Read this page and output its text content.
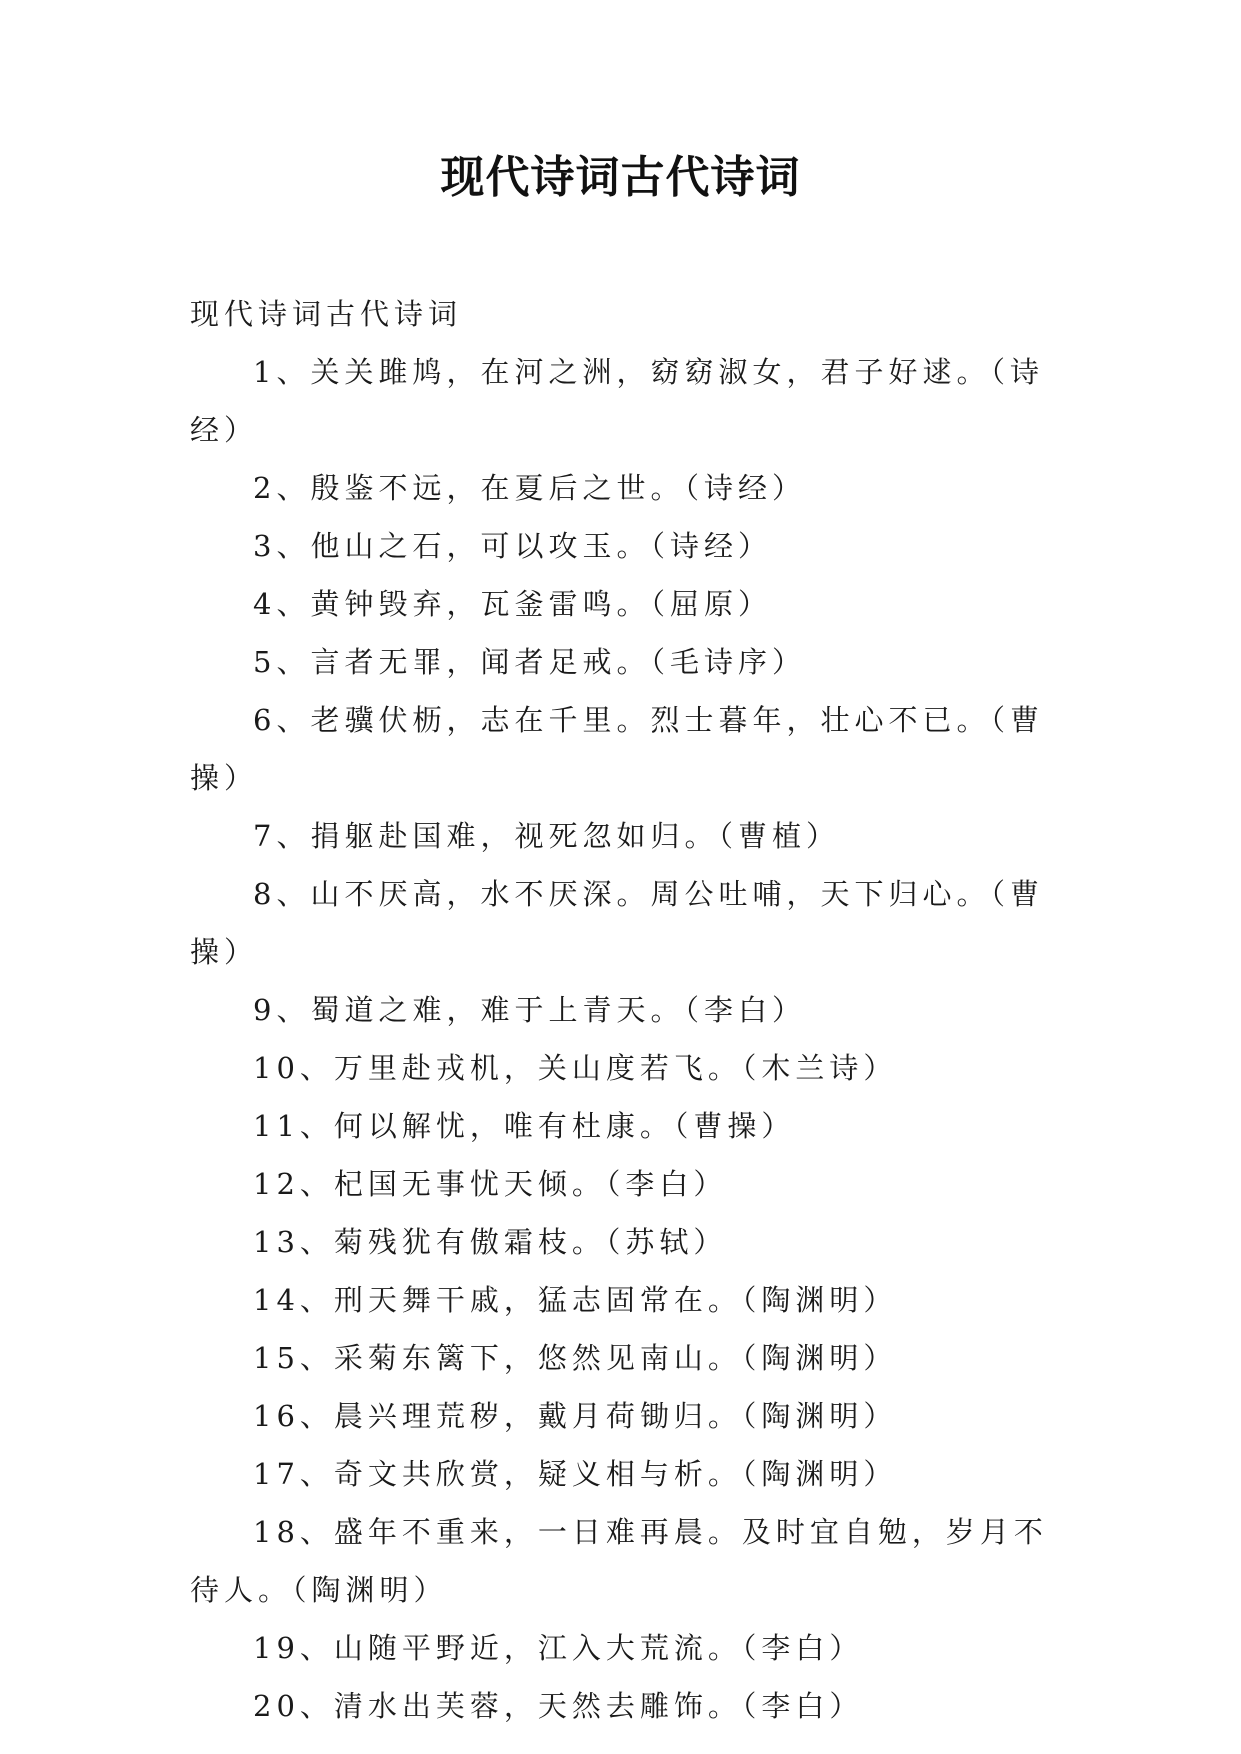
现代诗词古代诗词
现代诗词古代诗词
1、关关雎鸠，在河之洲，窈窈淑女，君子好逑。（诗经）
2、殷鉴不远，在夏后之世。（诗经）
3、他山之石，可以攻玉。（诗经）
4、黄钟毁弃，瓦釜雷鸣。（屈原）
5、言者无罪，闻者足戒。（毛诗序）
6、老骥伏枥，志在千里。烈士暮年，壮心不已。（曹操）
7、捐躯赴国难，视死忽如归。（曹植）
8、山不厌高，水不厌深。周公吐哺，天下归心。（曹操）
9、蜀道之难，难于上青天。（李白）
10、万里赴戎机，关山度若飞。（木兰诗）
11、何以解忧，唯有杜康。（曹操）
12、杞国无事忧天倾。（李白）
13、菊残犹有傲霜枝。（苏轼）
14、刑天舞干戚，猛志固常在。（陶渊明）
15、采菊东篱下，悠然见南山。（陶渊明）
16、晨兴理荒秽，戴月荷锄归。（陶渊明）
17、奇文共欣赏，疑义相与析。（陶渊明）
18、盛年不重来，一日难再晨。及时宜自勉，岁月不待人。（陶渊明）
19、山随平野近，江入大荒流。（李白）
20、清水出芙蓉，天然去雕饰。（李白）
